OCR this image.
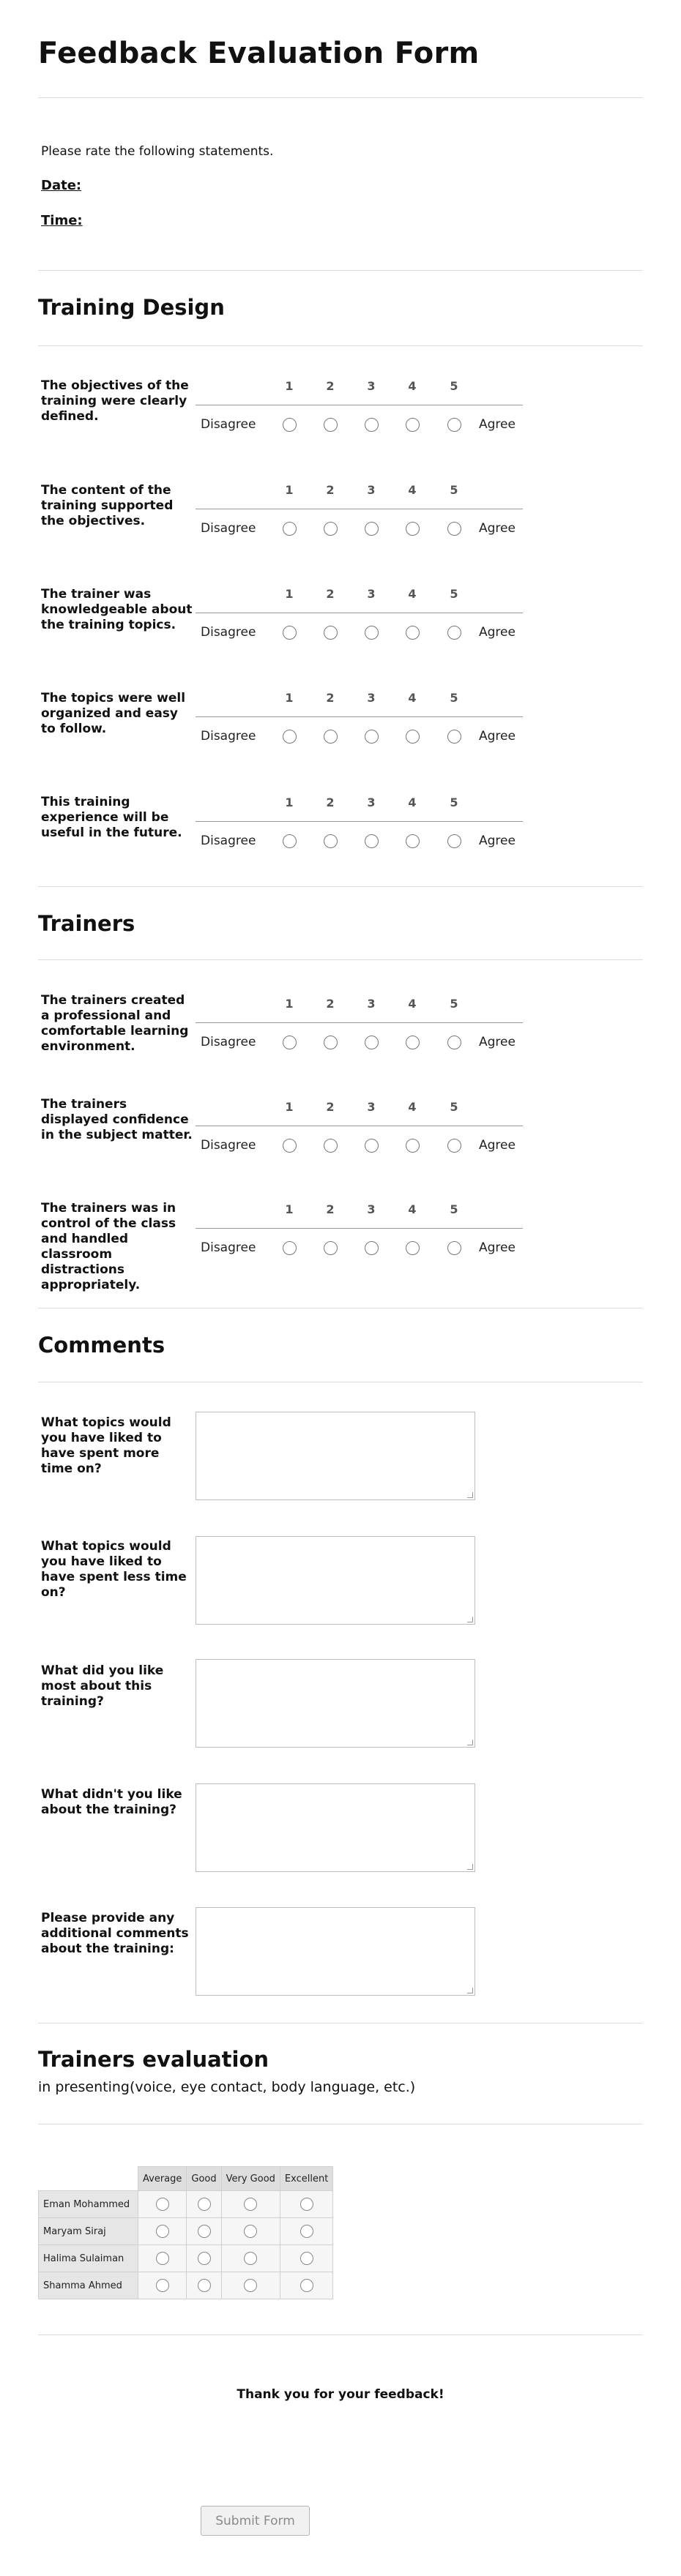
Feedback Evaluation Form
Please rate the following statements.
Date:
Time:
Training Design
The objectives of the training were clearly defined.
1	2	3	4	5
Disagree	Agree
The content of the training supported the objectives.
1	2	3	4	5
Disagree	Agree
The trainer was knowledgeable about the training topics.
1	2	3	4	5
Disagree	Agree
The topics were well organized and easy to follow.
1	2	3	4	5
Disagree	Agree
This training experience will be useful in the future.
1	2	3	4	5
Disagree	Agree
Trainers
The trainers created a professional and comfortable learning environment.
1	2	3	4	5
Disagree	Agree
The trainers displayed confidence in the subject matter.
1	2	3	4	5
Disagree	Agree
The trainers was in control of the class and handled classroom distractions appropriately.
1	2	3	4	5
Disagree	Agree
Comments
What topics would you have liked to have spent more time on?
What topics would you have liked to have spent less time on?
What did you like most about this training?
What didn't you like about the training?
Please provide any additional comments about the training:
Trainers evaluation
in presenting(voice, eye contact, body language, etc.)
	Average	Good	Very Good	Excellent
Eman Mohammed				
Maryam Siraj				
Halima Sulaiman				
Shamma Ahmed				
Thank you for your feedback!
Submit Form
